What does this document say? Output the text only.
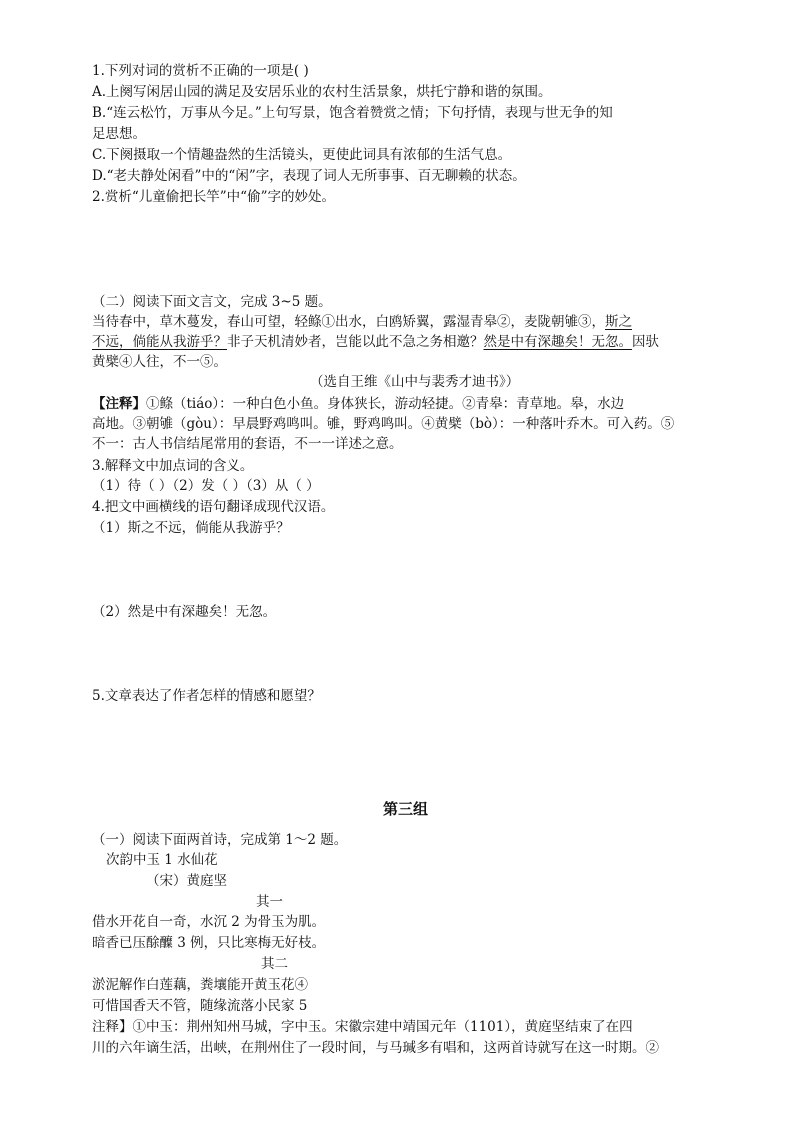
1.下列对词的赏析不正确的一项是( )
A.上阕写闲居山园的满足及安居乐业的农村生活景象，烘托宁静和谐的氛围。
B.“连云松竹，万事从今足。”上句写景，饱含着赞赏之情；下句抒情，表现与世无争的知
足思想。
C.下阕摄取一个情趣盎然的生活镜头，更使此词具有浓郁的生活气息。
D.“老夫静处闲看”中的“闲”字，表现了词人无所事事、百无聊赖的状态。
2.赏析“儿童偷把长竿”中“偷”字的妙处。
（二）阅读下面文言文，完成 3~5 题。
当待春中，草木蔓发，春山可望，轻鲦①出水，白鸥矫翼，露湿青皋②，麦陇朝雊③，斯之
不远，倘能从我游乎？非子天机清妙者，岂能以此不急之务相邀？然是中有深趣矣！无忽。因驮
黄檗④人往，不一⑤。
（选自王维《山中与裴秀才迪书》）
【注释】①鲦（tiáo）：一种白色小鱼。身体狭长，游动轻捷。②青皋：青草地。皋，水边
高地。③朝雊（gòu）：早晨野鸡鸣叫。雊，野鸡鸣叫。④黄檗（bò）：一种落叶乔木。可入药。⑤
不一：古人书信结尾常用的套语，不一一详述之意。
3.解释文中加点词的含义。
（1）待（ ）（2）发（ ）（3）从（ ）
4.把文中画横线的语句翻译成现代汉语。
（1）斯之不远，倘能从我游乎？
（2）然是中有深趣矣！无忽。
5.文章表达了作者怎样的情感和愿望？
第三组
（一）阅读下面两首诗，完成第 1～2 题。
次韵中玉 1 水仙花
（宋）黄庭坚
其一
借水开花自一奇，水沉 2 为骨玉为肌。
暗香已压酴醾 3 例，只比寒梅无好枝。
其二
淤泥解作白莲藕，粪壤能开黄玉花④
可惜国香天不管，随缘流落小民家 5
注释】①中玉：荆州知州马城，字中玉。宋徽宗建中靖国元年（1101），黄庭坚结束了在四
川的六年谪生活，出峡，在荆州住了一段时间，与马瑊多有唱和，这两首诗就写在这一时期。②
